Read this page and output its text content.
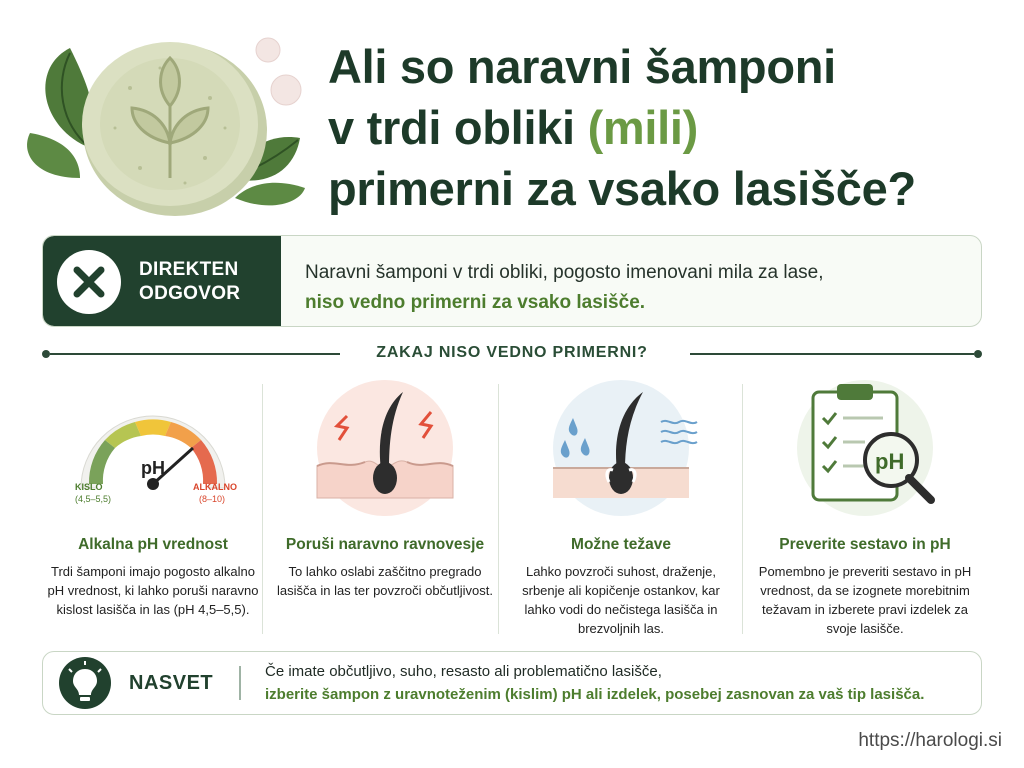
Ali so naravni šamponi
v trdi obliki (mili)
primerni za vsako lasišče?
DIREKTEN
ODGOVOR
Naravni šamponi v trdi obliki, pogosto imenovani mila za lase,
niso vedno primerni za vsako lasišče.
ZAKAJ NISO VEDNO PRIMERNI?
pH
KISLO
(4,5–5,5)
ALKALNO
(8–10)
Alkalna pH vrednost
Trdi šamponi imajo pogosto alkalno pH vrednost, ki lahko poruši naravno kislost lasišča in las (pH 4,5–5,5).
Poruši naravno ravnovesje
To lahko oslabi zaščitno pregrado lasišča in las ter povzroči občutljivost.
Možne težave
Lahko povzroči suhost, draženje, srbenje ali kopičenje ostankov, kar lahko vodi do nečistega lasišča in brezvoljnih las.
pH
Preverite sestavo in pH
Pomembno je preveriti sestavo in pH vrednost, da se izognete morebitnim težavam in izberete pravi izdelek za svoje lasišče.
NASVET
Če imate občutljivo, suho, resasto ali problematično lasišče,
izberite šampon z uravnoteženim (kislim) pH ali izdelek, posebej zasnovan za vaš tip lasišča.
https://harologi.si
